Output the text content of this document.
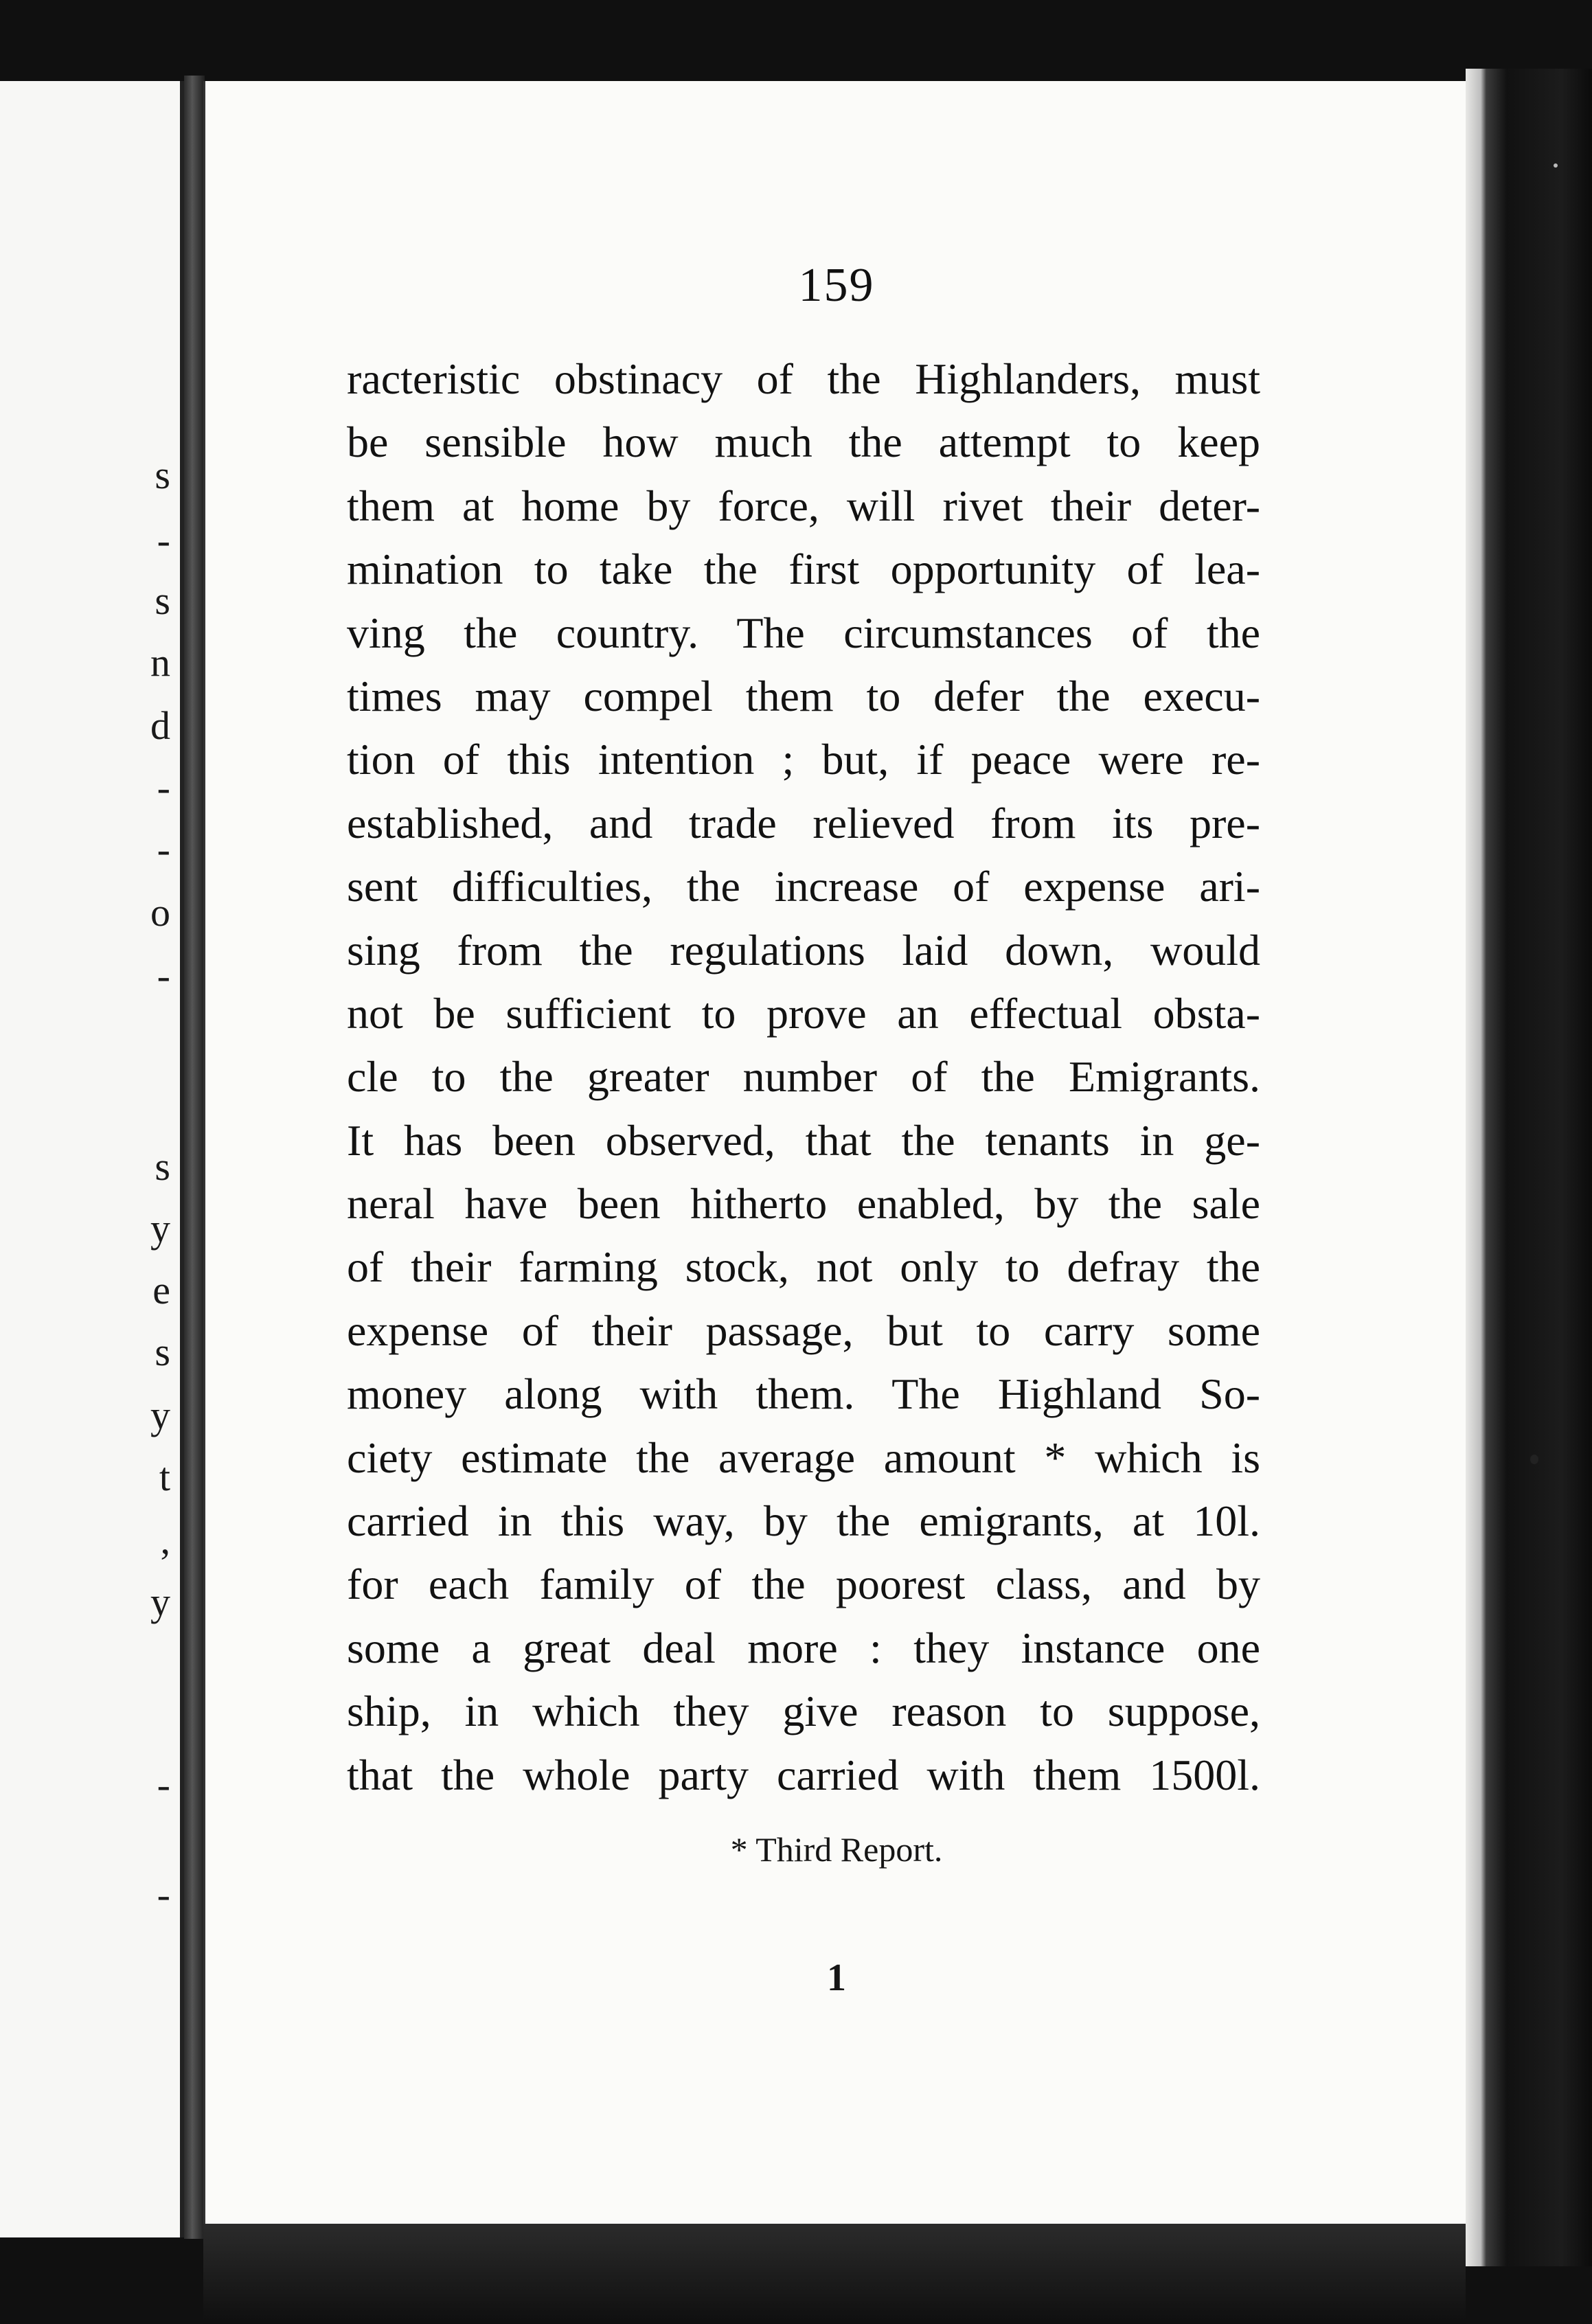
s
-
s
n
d
-
-
o
-
s
y
e
s
y
t
,
y
-
-
159
racteristic obstinacy of the Highlanders, must
be sensible how much the attempt to keep
them at home by force, will rivet their deter-
mination to take the first opportunity of lea-
ving the country. The circumstances of the
times may compel them to defer the execu-
tion of this intention ; but, if peace were re-
established, and trade relieved from its pre-
sent difficulties, the increase of expense ari-
sing from the regulations laid down, would
not be sufficient to prove an effectual obsta-
cle to the greater number of the Emigrants.
It has been observed, that the tenants in ge-
neral have been hitherto enabled, by the sale
of their farming stock, not only to defray the
expense of their passage, but to carry some
money along with them. The Highland So-
ciety estimate the average amount * which is
carried in this way, by the emigrants, at 10l.
for each family of the poorest class, and by
some a great deal more : they instance one
ship, in which they give reason to suppose,
that the whole party carried with them 1500l.
* Third Report.
1
